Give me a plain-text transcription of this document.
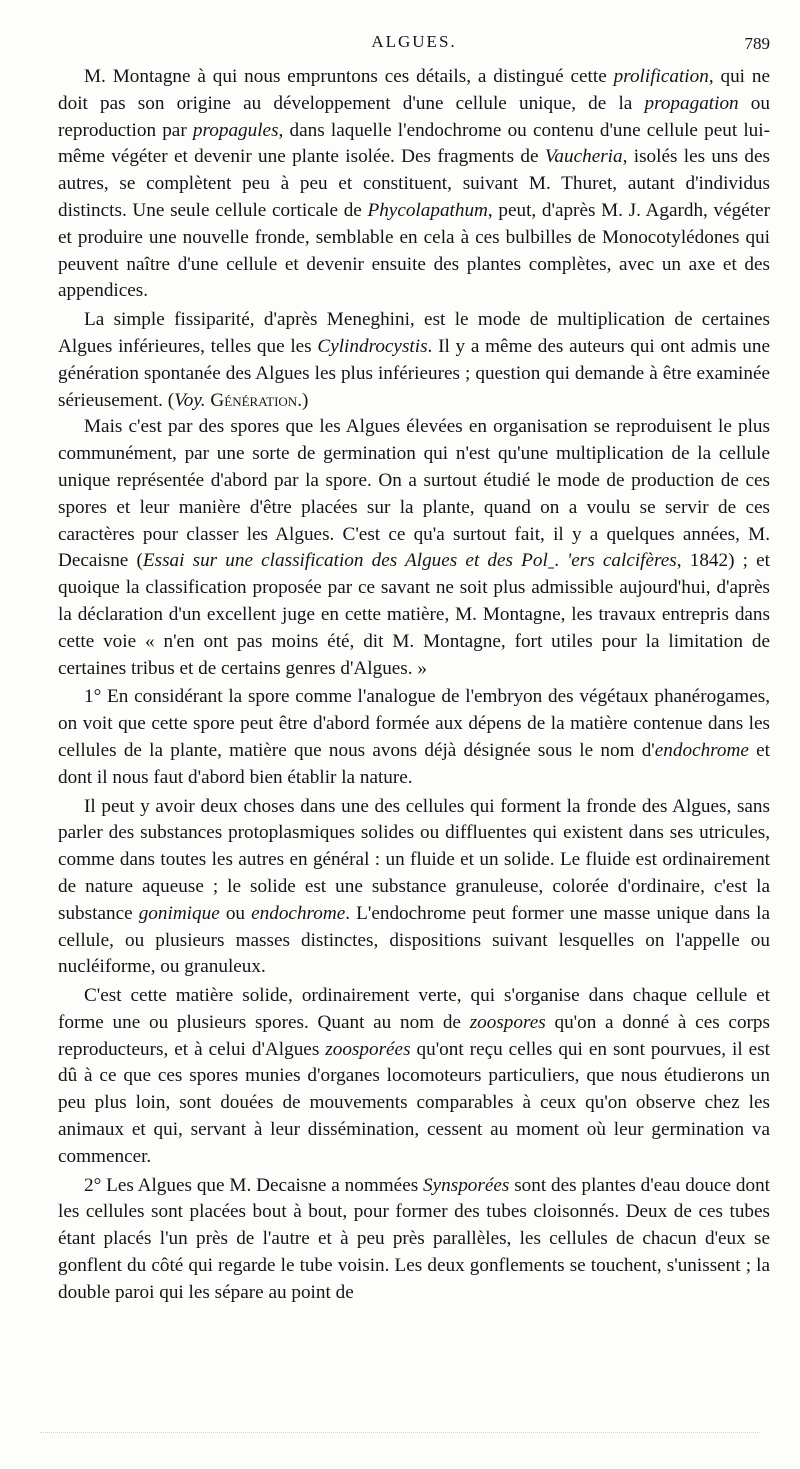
ALGUES.	789

M. Montagne à qui nous empruntons ces détails, a distingué cette prolification, qui ne doit pas son origine au développement d'une cellule unique, de la propagation ou reproduction par propagules, dans laquelle l'endochrome ou contenu d'une cellule peut lui-même végéter et devenir une plante isolée. Des fragments de Vaucheria, isolés les uns des autres, se complètent peu à peu et constituent, suivant M. Thuret, autant d'individus distincts. Une seule cellule corticale de Phycolapathum, peut, d'après M. J. Agardh, végéter et produire une nouvelle fronde, semblable en cela à ces bulbilles de Monocotylédones qui peuvent naître d'une cellule et devenir ensuite des plantes complètes, avec un axe et des appendices.

La simple fissiparité, d'après Meneghini, est le mode de multiplication de certaines Algues inférieures, telles que les Cylindrocystis. Il y a même des auteurs qui ont admis une génération spontanée des Algues les plus inférieures ; question qui demande à être examinée sérieusement. (Voy. Génération.)

Mais c'est par des spores que les Algues élevées en organisation se reproduisent le plus communément, par une sorte de germination qui n'est qu'une multiplication de la cellule unique représentée d'abord par la spore. On a surtout étudié le mode de production de ces spores et leur manière d'être placées sur la plante, quand on a voulu se servir de ces caractères pour classer les Algues. C'est ce qu'a surtout fait, il y a quelques années, M. Decaisne (Essai sur une classification des Algues et des Polˍ. 'ers calcifères, 1842) ; et quoique la classification proposée par ce savant ne soit plus admissible aujourd'hui, d'après la déclaration d'un excellent juge en cette matière, M. Montagne, les travaux entrepris dans cette voie « n'en ont pas moins été, dit M. Montagne, fort utiles pour la limitation de certaines tribus et de certains genres d'Algues. »

1° En considérant la spore comme l'analogue de l'embryon des végétaux phanérogames, on voit que cette spore peut être d'abord formée aux dépens de la matière contenue dans les cellules de la plante, matière que nous avons déjà désignée sous le nom d'endochrome et dont il nous faut d'abord bien établir la nature.

Il peut y avoir deux choses dans une des cellules qui forment la fronde des Algues, sans parler des substances protoplasmiques solides ou diffluentes qui existent dans ses utricules, comme dans toutes les autres en général : un fluide et un solide. Le fluide est ordinairement de nature aqueuse ; le solide est une substance granuleuse, colorée d'ordinaire, c'est la substance gonimique ou endochrome. L'endochrome peut former une masse unique dans la cellule, ou plusieurs masses distinctes, dispositions suivant lesquelles on l'appelle ou nucléiforme, ou granuleux.

C'est cette matière solide, ordinairement verte, qui s'organise dans chaque cellule et forme une ou plusieurs spores. Quant au nom de zoospores qu'on a donné à ces corps reproducteurs, et à celui d'Algues zoosporées qu'ont reçu celles qui en sont pourvues, il est dû à ce que ces spores munies d'organes locomoteurs particuliers, que nous étudierons un peu plus loin, sont douées de mouvements comparables à ceux qu'on observe chez les animaux et qui, servant à leur dissémination, cessent au moment où leur germination va commencer.

2° Les Algues que M. Decaisne a nommées Synsporées sont des plantes d'eau douce dont les cellules sont placées bout à bout, pour former des tubes cloisonnés. Deux de ces tubes étant placés l'un près de l'autre et à peu près parallèles, les cellules de chacun d'eux se gonflent du côté qui regarde le tube voisin. Les deux gonflements se touchent, s'unissent ; la double paroi qui les sépare au point de
